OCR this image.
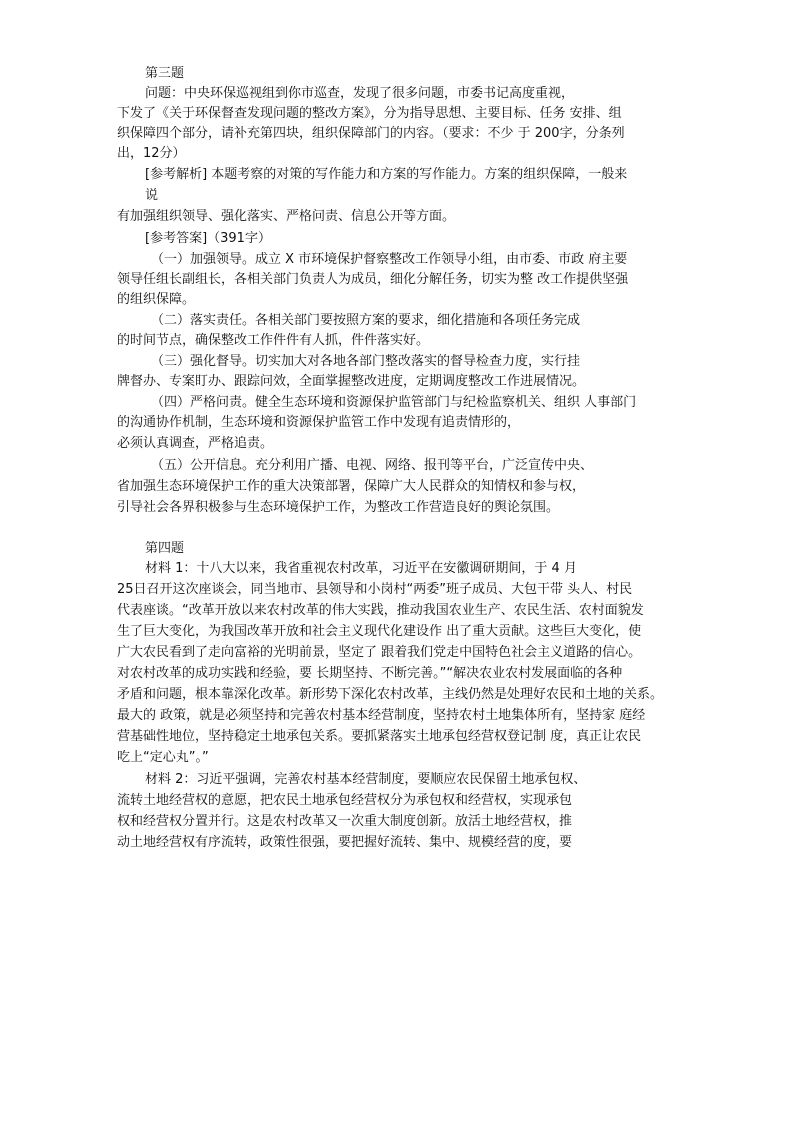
第三题
问题：中央环保巡视组到你市巡查，发现了很多问题，市委书记高度重视，
下发了《关于环保督查发现问题的整改方案》，分为指导思想、主要目标、任务 安排、组
织保障四个部分，请补充第四块，组织保障部门的内容。（要求：不少 于 200字，分条列
出，12分）
[参考解析] 本题考察的对策的写作能力和方案的写作能力。方案的组织保障，一般来
说
有加强组织领导、强化落实、严格问责、信息公开等方面。
[参考答案]（391字）
（一）加强领导。成立 X 市环境保护督察整改工作领导小组，由市委、市政 府主要
领导任组长副组长，各相关部门负责人为成员，细化分解任务，切实为整 改工作提供坚强
的组织保障。
（二）落实责任。各相关部门要按照方案的要求，细化措施和各项任务完成
的时间节点，确保整改工作件件有人抓，件件落实好。
（三）强化督导。切实加大对各地各部门整改落实的督导检查力度，实行挂
牌督办、专案盯办、跟踪问效，全面掌握整改进度，定期调度整改工作进展情况。
（四）严格问责。健全生态环境和资源保护监管部门与纪检监察机关、组织 人事部门
的沟通协作机制，生态环境和资源保护监管工作中发现有追责情形的，
必须认真调查，严格追责。
（五）公开信息。充分利用广播、电视、网络、报刊等平台，广泛宣传中央、
省加强生态环境保护工作的重大决策部署，保障广大人民群众的知情权和参与权，
引导社会各界积极参与生态环境保护工作，为整改工作营造良好的舆论氛围。
第四题
材料 1：十八大以来，我省重视农村改革，习近平在安徽调研期间，于 4 月
25日召开这次座谈会，同当地市、县领导和小岗村“两委”班子成员、大包干带 头人、村民
代表座谈。“改革开放以来农村改革的伟大实践，推动我国农业生产、农民生活、农村面貌发
生了巨大变化，为我国改革开放和社会主义现代化建设作 出了重大贡献。这些巨大变化，使
广大农民看到了走向富裕的光明前景，坚定了 跟着我们党走中国特色社会主义道路的信心。
对农村改革的成功实践和经验，要 长期坚持、不断完善。”“解决农业农村发展面临的各种
矛盾和问题，根本靠深化改革。新形势下深化农村改革，主线仍然是处理好农民和土地的关系。
最大的 政策，就是必须坚持和完善农村基本经营制度，坚持农村土地集体所有，坚持家 庭经
营基础性地位，坚持稳定土地承包关系。要抓紧落实土地承包经营权登记制 度，真正让农民
吃上“定心丸”。”
材料 2：习近平强调，完善农村基本经营制度，要顺应农民保留土地承包权、
流转土地经营权的意愿，把农民土地承包经营权分为承包权和经营权，实现承包
权和经营权分置并行。这是农村改革又一次重大制度创新。放活土地经营权，推
动土地经营权有序流转，政策性很强，要把握好流转、集中、规模经营的度，要
